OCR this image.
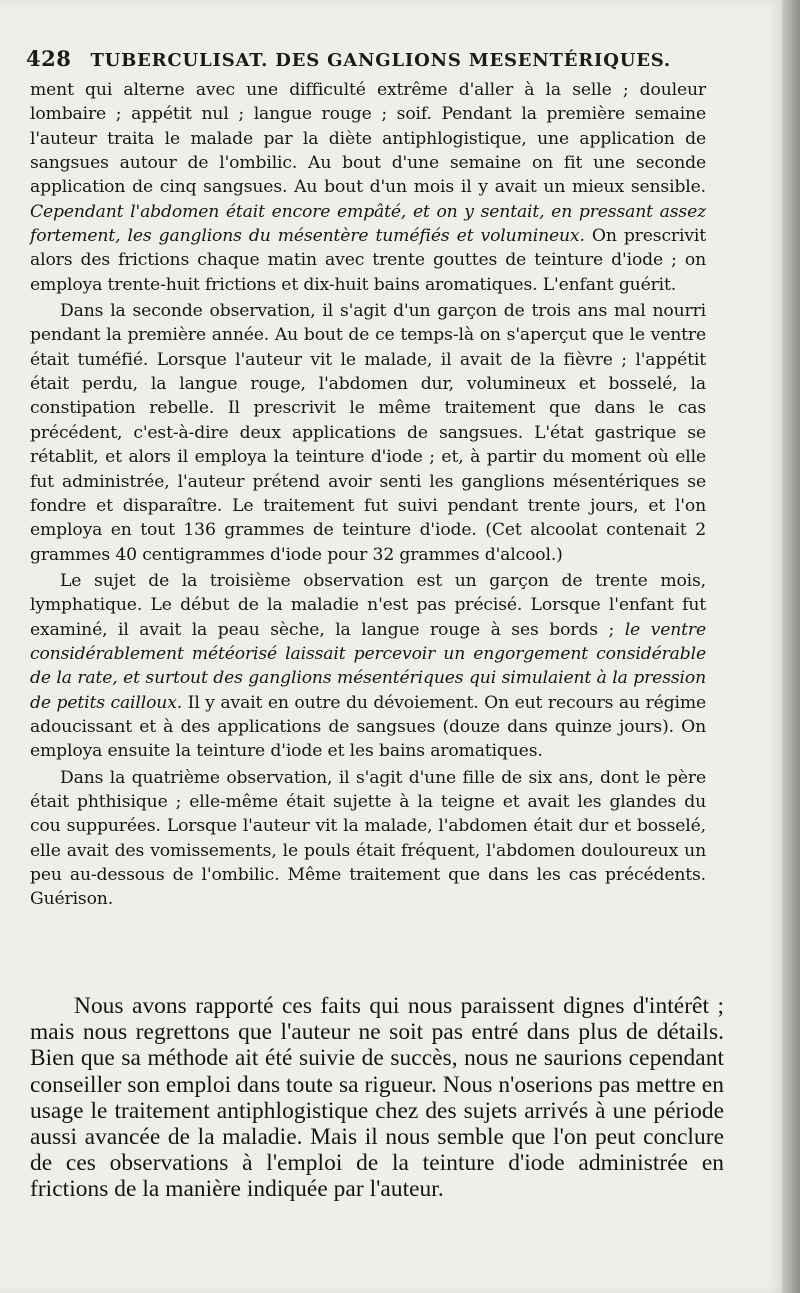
428 TUBERCULISAT. DES GANGLIONS MESENTÉRIQUES.

ment qui alterne avec une difficulté extrême d'aller à la selle ; douleur lombaire ; appétit nul ; langue rouge ; soif. Pendant la première semaine l'auteur traita le malade par la diète antiphlogistique, une application de sangsues autour de l'ombilic. Au bout d'une semaine on fit une seconde application de cinq sangsues. Au bout d'un mois il y avait un mieux sensible. Cependant l'abdomen était encore empâté, et on y sentait, en pressant assez fortement, les ganglions du mésentère tuméfiés et volumineux. On prescrivit alors des frictions chaque matin avec trente gouttes de teinture d'iode ; on employa trente-huit frictions et dix-huit bains aromatiques. L'enfant guérit.

Dans la seconde observation, il s'agit d'un garçon de trois ans mal nourri pendant la première année. Au bout de ce temps-là on s'aperçut que le ventre était tuméfié. Lorsque l'auteur vit le malade, il avait de la fièvre ; l'appétit était perdu, la langue rouge, l'abdomen dur, volumineux et bosselé, la constipation rebelle. Il prescrivit le même traitement que dans le cas précédent, c'est-à-dire deux applications de sangsues. L'état gastrique se rétablit, et alors il employa la teinture d'iode ; et, à partir du moment où elle fut administrée, l'auteur prétend avoir senti les ganglions mésentériques se fondre et disparaître. Le traitement fut suivi pendant trente jours, et l'on employa en tout 136 grammes de teinture d'iode. (Cet alcoolat contenait 2 grammes 40 centigrammes d'iode pour 32 grammes d'alcool.)

Le sujet de la troisième observation est un garçon de trente mois, lymphatique. Le début de la maladie n'est pas précisé. Lorsque l'enfant fut examiné, il avait la peau sèche, la langue rouge à ses bords ; le ventre considérablement météorisé laissait percevoir un engorgement considérable de la rate, et surtout des ganglions mésentériques qui simulaient à la pression de petits cailloux. Il y avait en outre du dévoiement. On eut recours au régime adoucissant et à des applications de sangsues (douze dans quinze jours). On employa ensuite la teinture d'iode et les bains aromatiques.

Dans la quatrième observation, il s'agit d'une fille de six ans, dont le père était phthisique ; elle-même était sujette à la teigne et avait les glandes du cou suppurées. Lorsque l'auteur vit la malade, l'abdomen était dur et bosselé, elle avait des vomissements, le pouls était fréquent, l'abdomen douloureux un peu au-dessous de l'ombilic. Même traitement que dans les cas précédents. Guérison.

Nous avons rapporté ces faits qui nous paraissent dignes d'intérêt ; mais nous regrettons que l'auteur ne soit pas entré dans plus de détails. Bien que sa méthode ait été suivie de succès, nous ne saurions cependant conseiller son emploi dans toute sa rigueur. Nous n'oserions pas mettre en usage le traitement antiphlogistique chez des sujets arrivés à une période aussi avancée de la maladie. Mais il nous semble que l'on peut conclure de ces observations à l'emploi de la teinture d'iode administrée en frictions de la manière indiquée par l'auteur.
